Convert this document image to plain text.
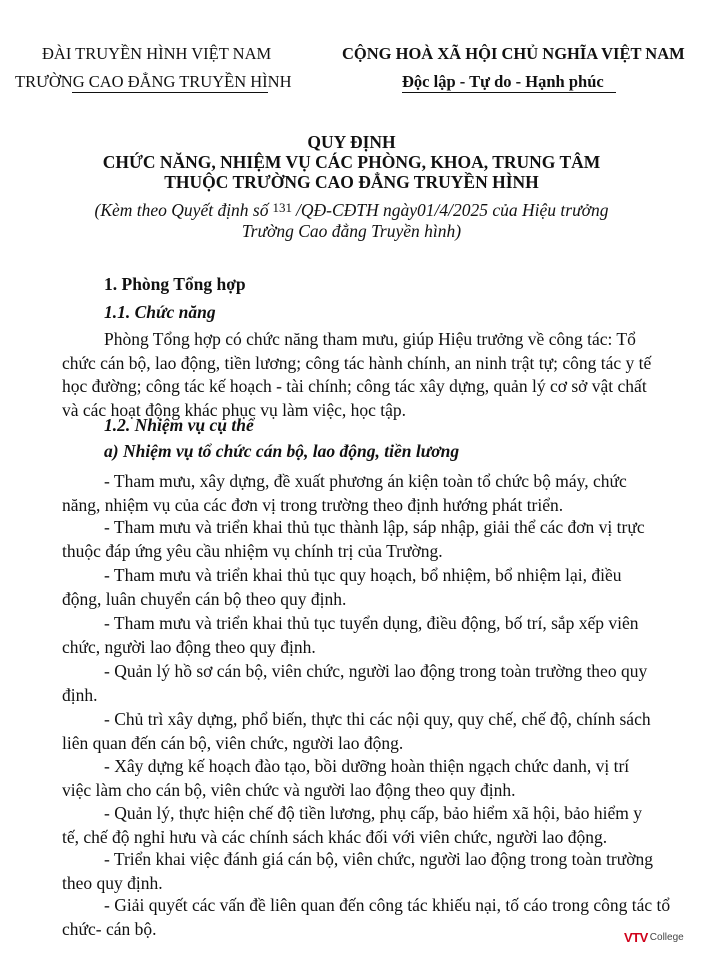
ĐÀI TRUYỀN HÌNH VIỆT NAM
TRƯỜNG CAO ĐẲNG TRUYỀN HÌNH
CỘNG HOÀ XÃ HỘI CHỦ NGHĨA VIỆT NAM
Độc lập - Tự do - Hạnh phúc
QUY ĐỊNH
CHỨC NĂNG, NHIỆM VỤ CÁC PHÒNG, KHOA, TRUNG TÂM
THUỘC TRƯỜNG CAO ĐẲNG TRUYỀN HÌNH
(Kèm theo Quyết định số $^{131}$ /QĐ-CĐTH ngày01/4/2025 của Hiệu trưởng
Trường Cao đẳng Truyền hình)
1. Phòng Tổng hợp
1.1. Chức năng
Phòng Tổng hợp có chức năng tham mưu, giúp Hiệu trưởng về công tác: Tổ
chức cán bộ, lao động, tiền lương; công tác hành chính, an ninh trật tự; công tác y tế
học đường; công tác kế hoạch - tài chính; công tác xây dựng, quản lý cơ sở vật chất
và các hoạt động khác phục vụ làm việc, học tập.
1.2. Nhiệm vụ cụ thể
a) Nhiệm vụ tổ chức cán bộ, lao động, tiền lương
- Tham mưu, xây dựng, đề xuất phương án kiện toàn tổ chức bộ máy, chức
năng, nhiệm vụ của các đơn vị trong trường theo định hướng phát triển.
- Tham mưu và triển khai thủ tục thành lập, sáp nhập, giải thể các đơn vị trực
thuộc đáp ứng yêu cầu nhiệm vụ chính trị của Trường.
- Tham mưu và triển khai thủ tục quy hoạch, bổ nhiệm, bổ nhiệm lại, điều
động, luân chuyển cán bộ theo quy định.
- Tham mưu và triển khai thủ tục tuyển dụng, điều động, bố trí, sắp xếp viên
chức, người lao động theo quy định.
- Quản lý hồ sơ cán bộ, viên chức, người lao động trong toàn trường theo quy
định.
- Chủ trì xây dựng, phổ biến, thực thi các nội quy, quy chế, chế độ, chính sách
liên quan đến cán bộ, viên chức, người lao động.
- Xây dựng kế hoạch đào tạo, bồi dưỡng hoàn thiện ngạch chức danh, vị trí
việc làm cho cán bộ, viên chức và người lao động theo quy định.
- Quản lý, thực hiện chế độ tiền lương, phụ cấp, bảo hiểm xã hội, bảo hiểm y
tế, chế độ nghỉ hưu và các chính sách khác đối với viên chức, người lao động.
- Triển khai việc đánh giá cán bộ, viên chức, người lao động trong toàn trường
theo quy định.
- Giải quyết các vấn đề liên quan đến công tác khiếu nại, tố cáo trong công tác tổ
chức- cán bộ.	VTV College
